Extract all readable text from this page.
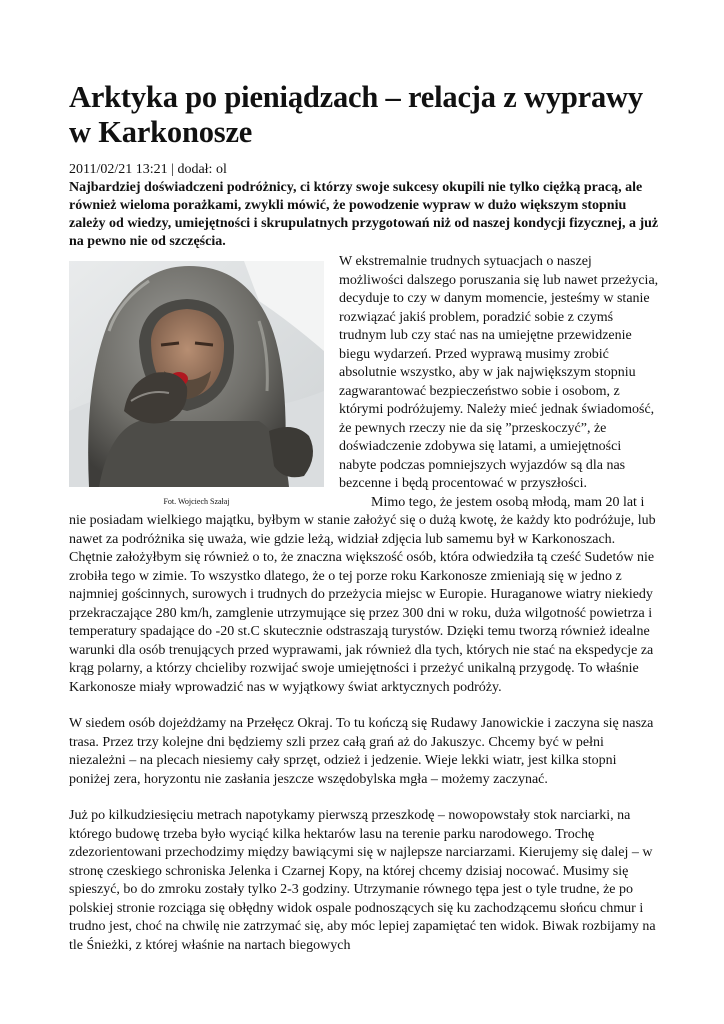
Arktyka po pieniądzach – relacja z wyprawy w Karkonosze
2011/02/21 13:21 | dodał: ol

Najbardziej doświadczeni podróżnicy, ci którzy swoje sukcesy okupili nie tylko ciężką pracą, ale również wieloma porażkami, zwykli mówić, że powodzenie wypraw w dużo większym stopniu zależy od wiedzy, umiejętności i skrupulatnych przygotowań niż od naszej kondycji fizycznej, a już na pewno nie od szczęścia.

Fot. Wojciech Szałaj

W ekstremalnie trudnych sytuacjach o naszej możliwości dalszego poruszania się lub nawet przeżycia, decyduje to czy w danym momencie, jesteśmy w stanie rozwiązać jakiś problem, poradzić sobie z czymś trudnym lub czy stać nas na umiejętne przewidzenie biegu wydarzeń. Przed wyprawą musimy zrobić absolutnie wszystko, aby w jak największym stopniu zagwarantować bezpieczeństwo sobie i osobom, z którymi podróżujemy. Należy mieć jednak świadomość, że pewnych rzeczy nie da się ”przeskoczyć”, że doświadczenie zdobywa się latami, a umiejętności nabyte podczas pomniejszych wyjazdów są dla nas bezcenne i będą procentować w przyszłości.

Mimo tego, że jestem osobą młodą, mam 20 lat i nie posiadam wielkiego majątku, byłbym w stanie założyć się o dużą kwotę, że każdy kto podróżuje, lub nawet za podróżnika się uważa, wie gdzie leżą, widział zdjęcia lub samemu był w Karkonoszach. Chętnie założyłbym się również o to, że znaczna większość osób, która odwiedziła tą cześć Sudetów nie zrobiła tego w zimie. To wszystko dlatego, że o tej porze roku Karkonosze zmieniają się w jedno z najmniej gościnnych, surowych i trudnych do przeżycia miejsc w Europie. Huraganowe wiatry niekiedy przekraczające 280 km/h, zamglenie utrzymujące się przez 300 dni w roku, duża wilgotność powietrza i temperatury spadające do -20 st.C skutecznie odstraszają turystów. Dzięki temu tworzą również idealne warunki dla osób trenujących przed wyprawami, jak również dla tych, których nie stać na ekspedycje za krąg polarny, a którzy chcieliby rozwijać swoje umiejętności i przeżyć unikalną przygodę. To właśnie Karkonosze miały wprowadzić nas w wyjątkowy świat arktycznych podróży.

W siedem osób dojeżdżamy na Przełęcz Okraj. To tu kończą się Rudawy Janowickie i zaczyna się nasza trasa. Przez trzy kolejne dni będziemy szli przez całą grań aż do Jakuszyc. Chcemy być w pełni niezależni – na plecach niesiemy cały sprzęt, odzież i jedzenie. Wieje lekki wiatr, jest kilka stopni poniżej zera, horyzontu nie zasłania jeszcze wszędobylska mgła – możemy zaczynać.

Już po kilkudziesięciu metrach napotykamy pierwszą przeszkodę – nowopowstały stok narciarki, na którego budowę trzeba było wyciąć kilka hektarów lasu na terenie parku narodowego. Trochę zdezorientowani przechodzimy między bawiącymi się w najlepsze narciarzami. Kierujemy się dalej – w stronę czeskiego schroniska Jelenka i Czarnej Kopy, na której chcemy dzisiaj nocować. Musimy się spieszyć, bo do zmroku zostały tylko 2-3 godziny. Utrzymanie równego tępa jest o tyle trudne, że po polskiej stronie rozciąga się obłędny widok ospale podnoszących się ku zachodzącemu słońcu chmur i trudno jest, choć na chwilę nie zatrzymać się, aby móc lepiej zapamiętać ten widok. Biwak rozbijamy na tle Śnieżki, z której właśnie na nartach biegowych
